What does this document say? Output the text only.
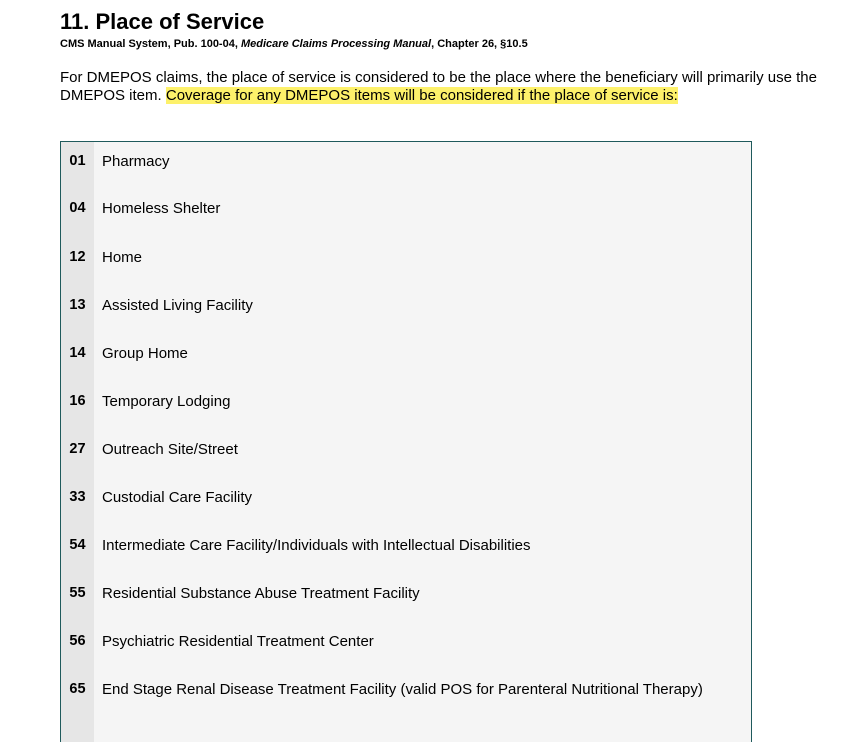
11. Place of Service
CMS Manual System, Pub. 100-04, Medicare Claims Processing Manual, Chapter 26, §10.5

For DMEPOS claims, the place of service is considered to be the place where the beneficiary will primarily use the DMEPOS item. Coverage for any DMEPOS items will be considered if the place of service is:

01	Pharmacy
04	Homeless Shelter
12	Home
13	Assisted Living Facility
14	Group Home
16	Temporary Lodging
27	Outreach Site/Street
33	Custodial Care Facility
54	Intermediate Care Facility/Individuals with Intellectual Disabilities
55	Residential Substance Abuse Treatment Facility
56	Psychiatric Residential Treatment Center
65	End Stage Renal Disease Treatment Facility (valid POS for Parenteral Nutritional Therapy)
